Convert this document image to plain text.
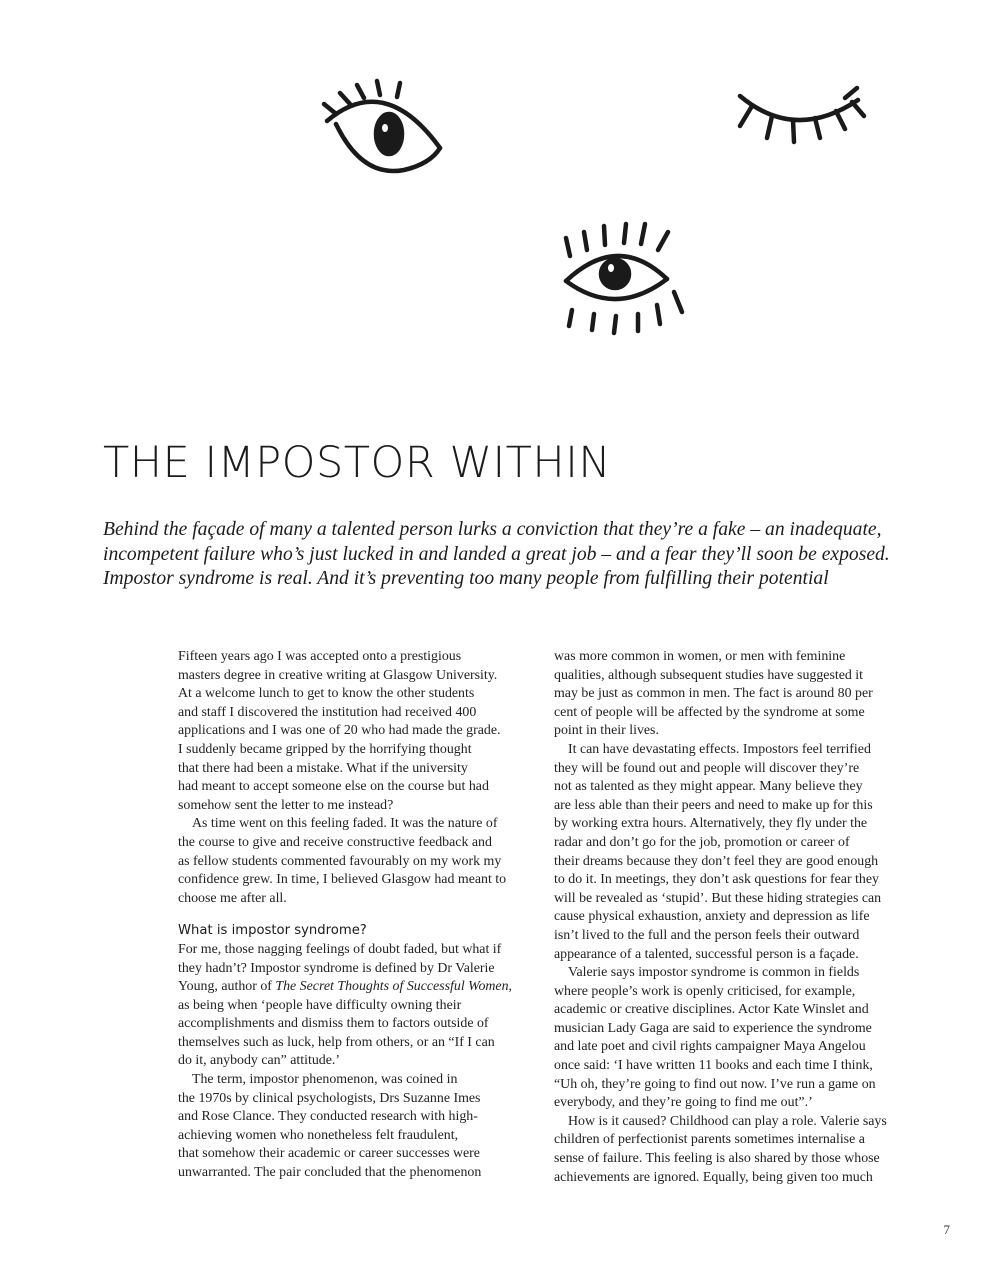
THE IMPOSTOR WITHIN
Behind the façade of many a talented person lurks a conviction that they’re a fake – an inadequate,
incompetent failure who’s just lucked in and landed a great job – and a fear they’ll soon be exposed.
Impostor syndrome is real. And it’s preventing too many people from fulfilling their potential
Fifteen years ago I was accepted onto a prestigious
masters degree in creative writing at Glasgow University.
At a welcome lunch to get to know the other students
and staff I discovered the institution had received 400
applications and I was one of 20 who had made the grade.
I suddenly became gripped by the horrifying thought
that there had been a mistake. What if the university
had meant to accept someone else on the course but had
somehow sent the letter to me instead?
As time went on this feeling faded. It was the nature of
the course to give and receive constructive feedback and
as fellow students commented favourably on my work my
confidence grew. In time, I believed Glasgow had meant to
choose me after all.
What is impostor syndrome?
For me, those nagging feelings of doubt faded, but what if
they hadn’t? Impostor syndrome is defined by Dr Valerie
Young, author of The Secret Thoughts of Successful Women,
as being when ‘people have difficulty owning their
accomplishments and dismiss them to factors outside of
themselves such as luck, help from others, or an “If I can
do it, anybody can” attitude.’
The term, impostor phenomenon, was coined in
the 1970s by clinical psychologists, Drs Suzanne Imes
and Rose Clance. They conducted research with high-
achieving women who nonetheless felt fraudulent,
that somehow their academic or career successes were
unwarranted. The pair concluded that the phenomenon
was more common in women, or men with feminine
qualities, although subsequent studies have suggested it
may be just as common in men. The fact is around 80 per
cent of people will be affected by the syndrome at some
point in their lives.
It can have devastating effects. Impostors feel terrified
they will be found out and people will discover they’re
not as talented as they might appear. Many believe they
are less able than their peers and need to make up for this
by working extra hours. Alternatively, they fly under the
radar and don’t go for the job, promotion or career of
their dreams because they don’t feel they are good enough
to do it. In meetings, they don’t ask questions for fear they
will be revealed as ‘stupid’. But these hiding strategies can
cause physical exhaustion, anxiety and depression as life
isn’t lived to the full and the person feels their outward
appearance of a talented, successful person is a façade.
Valerie says impostor syndrome is common in fields
where people’s work is openly criticised, for example,
academic or creative disciplines. Actor Kate Winslet and
musician Lady Gaga are said to experience the syndrome
and late poet and civil rights campaigner Maya Angelou
once said: ‘I have written 11 books and each time I think,
“Uh oh, they’re going to find out now. I’ve run a game on
everybody, and they’re going to find me out”.’
How is it caused? Childhood can play a role. Valerie says
children of perfectionist parents sometimes internalise a
sense of failure. This feeling is also shared by those whose
achievements are ignored. Equally, being given too much
7
